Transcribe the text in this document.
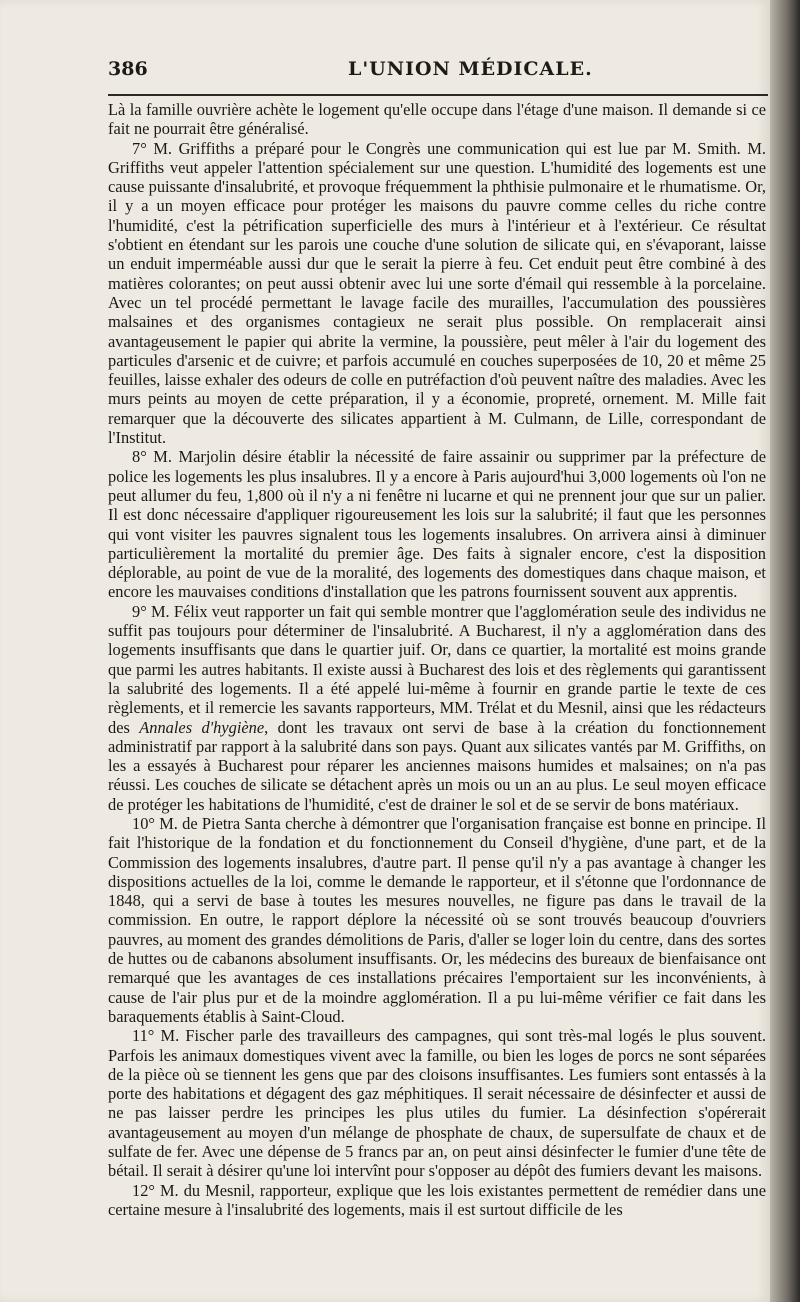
386	L'UNION MÉDICALE.

Là la famille ouvrière achète le logement qu'elle occupe dans l'étage d'une maison. Il demande si ce fait ne pourrait être généralisé.

7° M. Griffiths a préparé pour le Congrès une communication qui est lue par M. Smith. M. Griffiths veut appeler l'attention spécialement sur une question. L'humidité des logements est une cause puissante d'insalubrité, et provoque fréquemment la phthisie pulmonaire et le rhumatisme. Or, il y a un moyen efficace pour protéger les maisons du pauvre comme celles du riche contre l'humidité, c'est la pétrification superficielle des murs à l'intérieur et à l'extérieur. Ce résultat s'obtient en étendant sur les parois une couche d'une solution de silicate qui, en s'évaporant, laisse un enduit imperméable aussi dur que le serait la pierre à feu. Cet enduit peut être combiné à des matières colorantes; on peut aussi obtenir avec lui une sorte d'émail qui ressemble à la porcelaine. Avec un tel procédé permettant le lavage facile des murailles, l'accumulation des poussières malsaines et des organismes contagieux ne serait plus possible. On remplacerait ainsi avantageusement le papier qui abrite la vermine, la poussière, peut mêler à l'air du logement des particules d'arsenic et de cuivre; et parfois accumulé en couches superposées de 10, 20 et même 25 feuilles, laisse exhaler des odeurs de colle en putréfaction d'où peuvent naître des maladies. Avec les murs peints au moyen de cette préparation, il y a économie, propreté, ornement. M. Mille fait remarquer que la découverte des silicates appartient à M. Culmann, de Lille, correspondant de l'Institut.

8° M. Marjolin désire établir la nécessité de faire assainir ou supprimer par la préfecture de police les logements les plus insalubres. Il y a encore à Paris aujourd'hui 3,000 logements où l'on ne peut allumer du feu, 1,800 où il n'y a ni fenêtre ni lucarne et qui ne prennent jour que sur un palier. Il est donc nécessaire d'appliquer rigoureusement les lois sur la salubrité; il faut que les personnes qui vont visiter les pauvres signalent tous les logements insalubres. On arrivera ainsi à diminuer particulièrement la mortalité du premier âge. Des faits à signaler encore, c'est la disposition déplorable, au point de vue de la moralité, des logements des domestiques dans chaque maison, et encore les mauvaises conditions d'installation que les patrons fournissent souvent aux apprentis.

9° M. Félix veut rapporter un fait qui semble montrer que l'agglomération seule des individus ne suffit pas toujours pour déterminer de l'insalubrité. A Bucharest, il n'y a agglomération dans des logements insuffisants que dans le quartier juif. Or, dans ce quartier, la mortalité est moins grande que parmi les autres habitants. Il existe aussi à Bucharest des lois et des règlements qui garantissent la salubrité des logements. Il a été appelé lui-même à fournir en grande partie le texte de ces règlements, et il remercie les savants rapporteurs, MM. Trélat et du Mesnil, ainsi que les rédacteurs des Annales d'hygiène, dont les travaux ont servi de base à la création du fonctionnement administratif par rapport à la salubrité dans son pays. Quant aux silicates vantés par M. Griffiths, on les a essayés à Bucharest pour réparer les anciennes maisons humides et malsaines; on n'a pas réussi. Les couches de silicate se détachent après un mois ou un an au plus. Le seul moyen efficace de protéger les habitations de l'humidité, c'est de drainer le sol et de se servir de bons matériaux.

10° M. de Pietra Santa cherche à démontrer que l'organisation française est bonne en principe. Il fait l'historique de la fondation et du fonctionnement du Conseil d'hygiène, d'une part, et de la Commission des logements insalubres, d'autre part. Il pense qu'il n'y a pas avantage à changer les dispositions actuelles de la loi, comme le demande le rapporteur, et il s'étonne que l'ordonnance de 1848, qui a servi de base à toutes les mesures nouvelles, ne figure pas dans le travail de la commission. En outre, le rapport déplore la nécessité où se sont trouvés beaucoup d'ouvriers pauvres, au moment des grandes démolitions de Paris, d'aller se loger loin du centre, dans des sortes de huttes ou de cabanons absolument insuffisants. Or, les médecins des bureaux de bienfaisance ont remarqué que les avantages de ces installations précaires l'emportaient sur les inconvénients, à cause de l'air plus pur et de la moindre agglomération. Il a pu lui-même vérifier ce fait dans les baraquements établis à Saint-Cloud.

11° M. Fischer parle des travailleurs des campagnes, qui sont très-mal logés le plus souvent. Parfois les animaux domestiques vivent avec la famille, ou bien les loges de porcs ne sont séparées de la pièce où se tiennent les gens que par des cloisons insuffisantes. Les fumiers sont entassés à la porte des habitations et dégagent des gaz méphitiques. Il serait nécessaire de désinfecter et aussi de ne pas laisser perdre les principes les plus utiles du fumier. La désinfection s'opérerait avantageusement au moyen d'un mélange de phosphate de chaux, de supersulfate de chaux et de sulfate de fer. Avec une dépense de 5 francs par an, on peut ainsi désinfecter le fumier d'une tête de bétail. Il serait à désirer qu'une loi intervînt pour s'opposer au dépôt des fumiers devant les maisons.

12° M. du Mesnil, rapporteur, explique que les lois existantes permettent de remédier dans une certaine mesure à l'insalubrité des logements, mais il est surtout difficile de les
